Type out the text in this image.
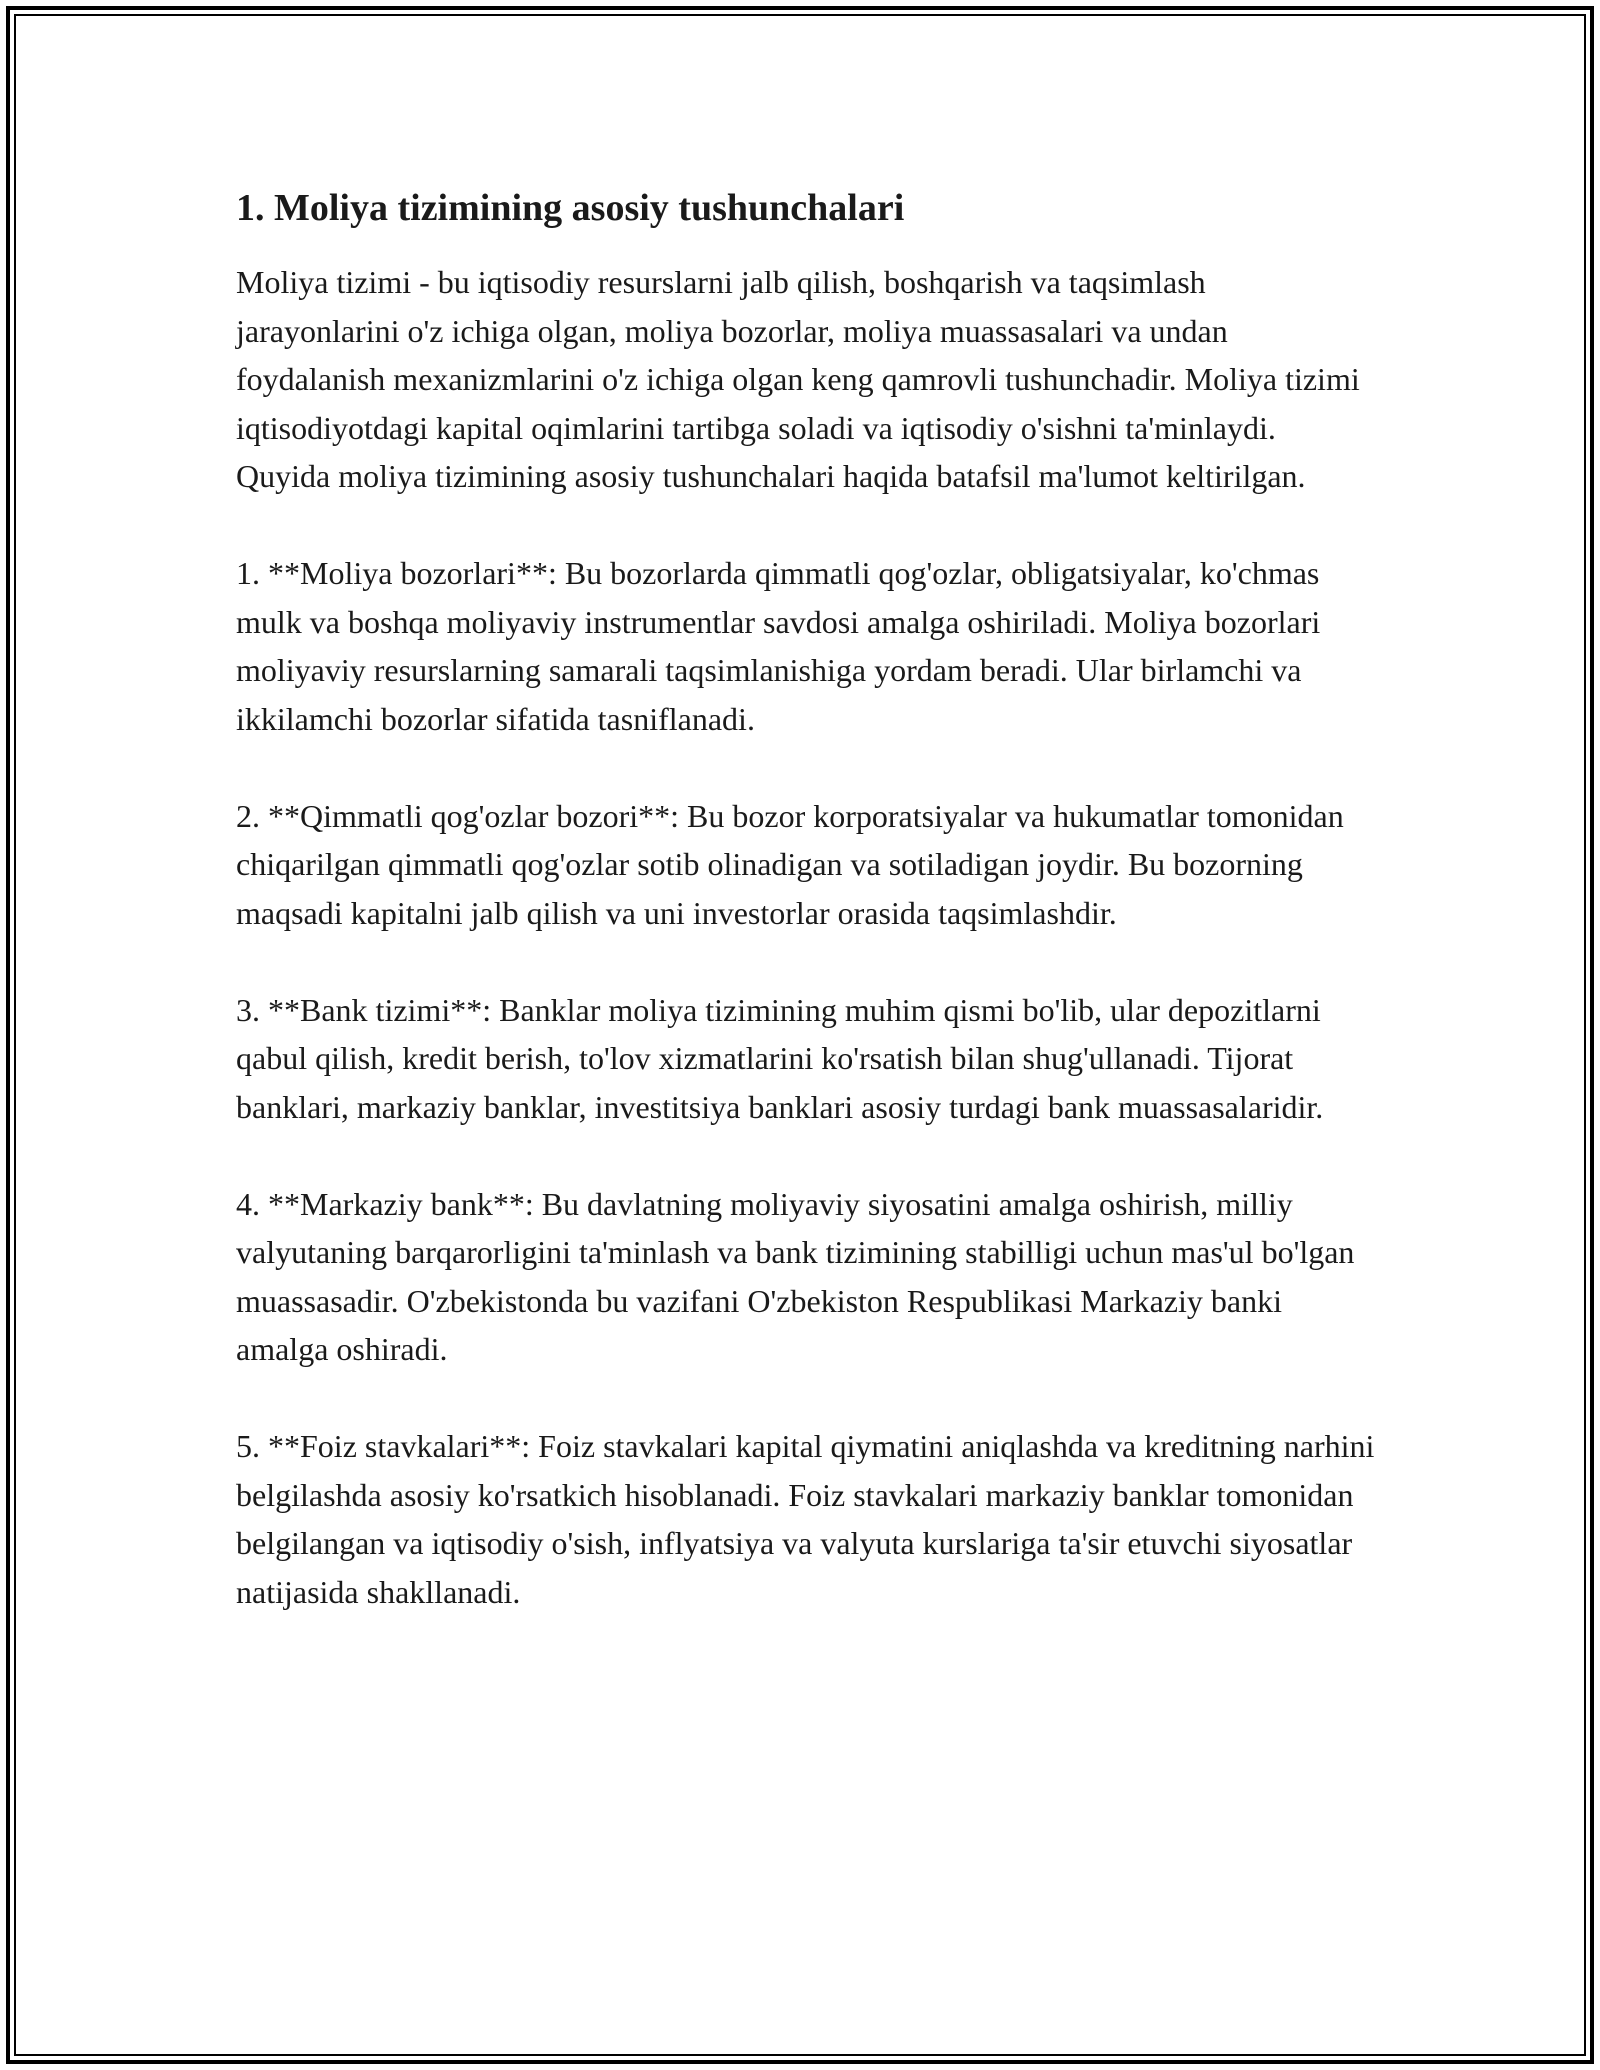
1. Moliya tizimining asosiy tushunchalari

Moliya tizimi - bu iqtisodiy resurslarni jalb qilish, boshqarish va taqsimlash jarayonlarini o'z ichiga olgan, moliya bozorlar, moliya muassasalari va undan foydalanish mexanizmlarini o'z ichiga olgan keng qamrovli tushunchadir. Moliya tizimi iqtisodiyotdagi kapital oqimlarini tartibga soladi va iqtisodiy o'sishni ta'minlaydi. Quyida moliya tizimining asosiy tushunchalari haqida batafsil ma'lumot keltirilgan.

1. **Moliya bozorlari**: Bu bozorlarda qimmatli qog'ozlar, obligatsiyalar, ko'chmas mulk va boshqa moliyaviy instrumentlar savdosi amalga oshiriladi. Moliya bozorlari moliyaviy resurslarning samarali taqsimlanishiga yordam beradi. Ular birlamchi va ikkilamchi bozorlar sifatida tasniflanadi.

2. **Qimmatli qog'ozlar bozori**: Bu bozor korporatsiyalar va hukumatlar tomonidan chiqarilgan qimmatli qog'ozlar sotib olinadigan va sotiladigan joydir. Bu bozorning maqsadi kapitalni jalb qilish va uni investorlar orasida taqsimlashdir.

3. **Bank tizimi**: Banklar moliya tizimining muhim qismi bo'lib, ular depozitlarni qabul qilish, kredit berish, to'lov xizmatlarini ko'rsatish bilan shug'ullanadi. Tijorat banklari, markaziy banklar, investitsiya banklari asosiy turdagi bank muassasalaridir.

4. **Markaziy bank**: Bu davlatning moliyaviy siyosatini amalga oshirish, milliy valyutaning barqarorligini ta'minlash va bank tizimining stabilligi uchun mas'ul bo'lgan muassasadir. O'zbekistonda bu vazifani O'zbekiston Respublikasi Markaziy banki amalga oshiradi.

5. **Foiz stavkalari**: Foiz stavkalari kapital qiymatini aniqlashda va kreditning narhini belgilashda asosiy ko'rsatkich hisoblanadi. Foiz stavkalari markaziy banklar tomonidan belgilangan va iqtisodiy o'sish, inflyatsiya va valyuta kurslariga ta'sir etuvchi siyosatlar natijasida shakllanadi.
